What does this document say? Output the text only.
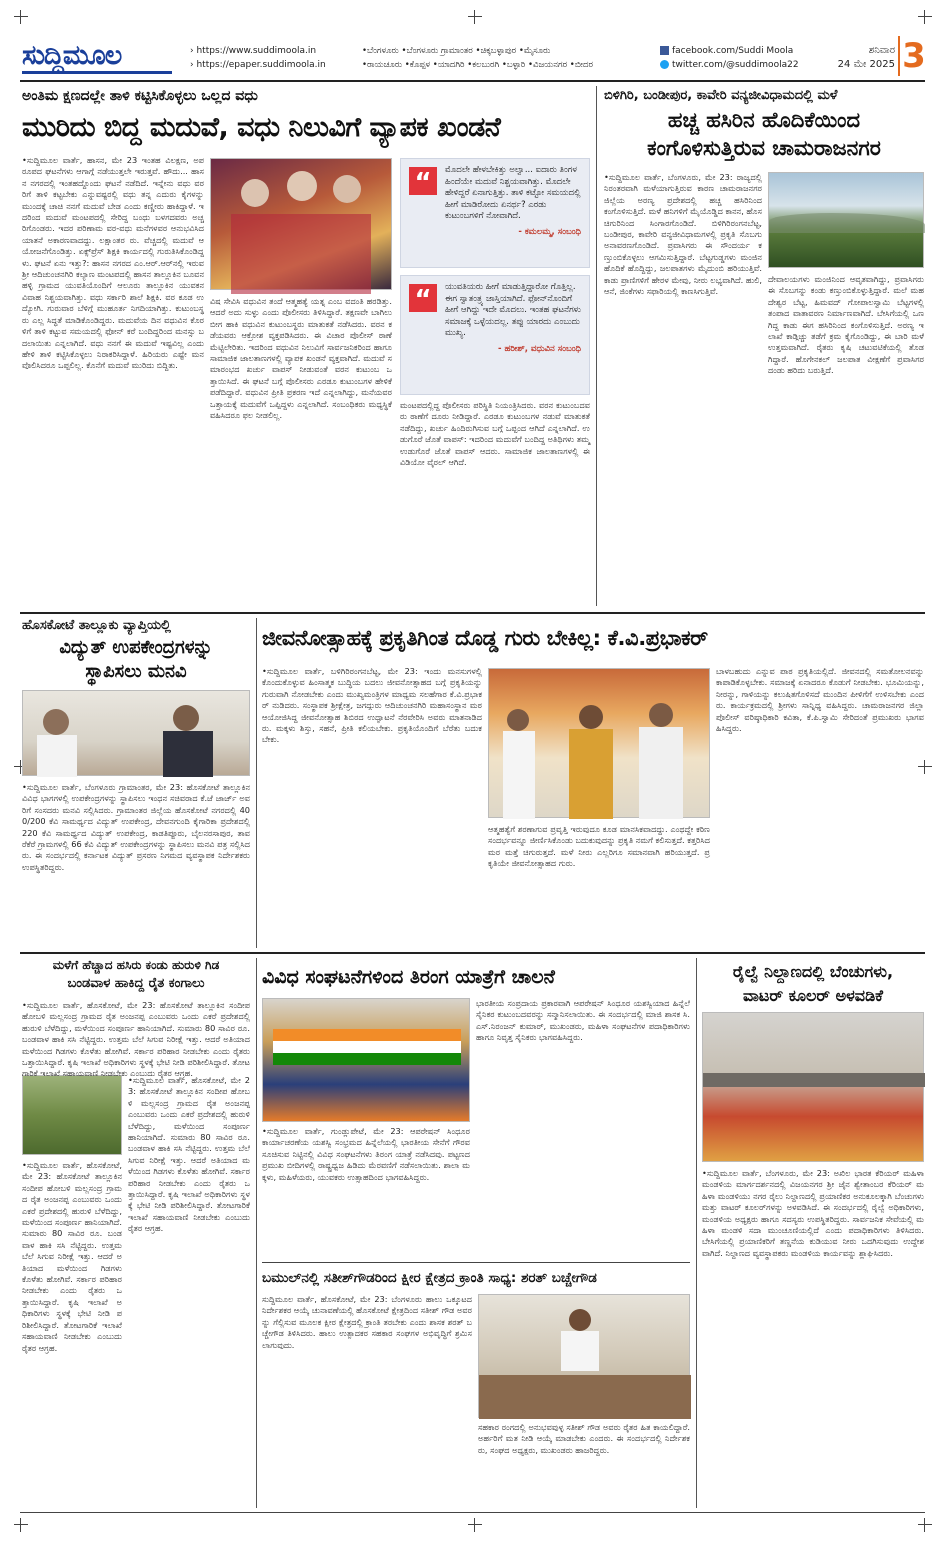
ಸುದ್ದಿಮೂಲ	› https://www.suddimoola.in
› https://epaper.suddimoola.in
•ಬೆಂಗಳೂರು •ಬೆಂಗಳೂರು ಗ್ರಾಮಾಂತರ •ಚಿಕ್ಕಬಳ್ಳಾಪುರ •ಮೈಸೂರು
•ರಾಯಚೂರು •ಕೊಪ್ಪಳ •ಯಾದಗಿರಿ •ಕಲಬುರಗಿ •ಬಳ್ಳಾರಿ •ವಿಜಯನಗರ •ಬೀದರ
facebook.com/Suddi Moola
twitter.com/@suddimoola22
ಶನಿವಾರ
24 ಮೇ 2025 3
ಅಂತಿಮ ಕ್ಷಣದಲ್ಲೇ ತಾಳಿ ಕಟ್ಟಿಸಿಕೊಳ್ಳಲು ಒಲ್ಲದ ವಧು
ಮುರಿದು ಬಿದ್ದ ಮದುವೆ, ವಧು ನಿಲುವಿಗೆ ವ್ಯಾಪಕ ಖಂಡನೆ
•ಸುದ್ದಿಮೂಲ ವಾರ್ತೆ, ಹಾಸನ, ಮೇ 23 ಇಂತಹ ವಿಲಕ್ಷಣ, ಅಪರೂಪದ ಘಟನೆಗಳು ಆಗಾಗ್ಗೆ ನಡೆಯುತ್ತಲೇ ಇರುತ್ತವೆ. ಹೌದು... ಹಾಸನ ನಗರದಲ್ಲಿ ಇಂತಹದ್ದೊಂದು ಘಟನೆ ನಡೆದಿದೆ. ಇನ್ನೇನು ವಧು ವರರಿಗೆ ತಾಳಿ ಕಟ್ಟಬೇಕು ಎನ್ನುವಷ್ಟರಲ್ಲಿ ವಧು ತನ್ನ ಎದುರು ಕೈಗಳನ್ನು ಮುಂದಕ್ಕೆ ಚಾಚಿ ನನಗೆ ಮದುವೆ ಬೇಡ ಎಂದು ಕಣ್ಣೀರು ಹಾಕಿದ್ದಾಳೆ. ಇದರಿಂದ ಮದುವೆ ಮಂಟಪದಲ್ಲಿ ಸೇರಿದ್ದ ಬಂಧು ಬಳಗದವರು ಅಚ್ಚರಿಗೊಂಡರು. ಇದರ ಪರಿಣಾಮ ವರ-ವಧು ಮನೆಗಳವರ ಆನುಭವಿಸಿದ ಯಾತನೆ ಅಕಾರಣವಾದದ್ದು. ಲಕ್ಷಾಂತರ ರು. ವೆಚ್ಚದಲ್ಲಿ ಮದುವೆ ಆಯೋಜನೆಗೊಂಡಿತ್ತು. ಏಕ್ಸ್‌ಪ್ರೆಸ್ ಶಿಕ್ಷಕಿ ಕಾರ್ಯದಲ್ಲಿ ಗುರುತಿಸಿಕೊಂಡಿದ್ದಳು. ಘಟನೆ ಏನು ಇತ್ತು?: ಹಾಸನ ನಗರದ ಎಂ.ಆರ್.ಆರ್‌ನಲ್ಲಿ ಇರುವ ಶ್ರೀ ಆದಿಚುಂಚನಗಿರಿ ಕಲ್ಯಾಣ ಮಂಟಪದಲ್ಲಿ ಹಾಸನ ತಾಲ್ಲೂಕಿನ ಬೂವನಹಳ್ಳಿ ಗ್ರಾಮದ ಯುವತಿಯೊಂದಿಗೆ ಆಲೂರು ತಾಲ್ಲೂಕಿನ ಯುವಕನ ವಿವಾಹ ನಿಶ್ಚಯವಾಗಿತ್ತು. ವಧು ಸರ್ಕಾರಿ ಶಾಲೆ ಶಿಕ್ಷಕಿ. ವರ ಕೂಡ ಉದ್ಯೋಗಿ. ಗುರುವಾರ ಬೆಳಿಗ್ಗೆ ಮುಹೂರ್ತ ನಿಗದಿಯಾಗಿತ್ತು. ಕುಟುಂಬಸ್ಥರು ಎಲ್ಲ ಸಿದ್ಧತೆ ಮಾಡಿಕೊಂಡಿದ್ದರು. ಮದುವೆಯ ದಿನ ವಧುವಿನ ಕೊರಳಿಗೆ ತಾಳಿ ಕಟ್ಟುವ ಸಮಯದಲ್ಲಿ ಫೋನ್ ಕರೆ ಬಂದಿದ್ದರಿಂದ ಮನಸ್ಸು ಬದಲಾಯಿತು ಎನ್ನಲಾಗಿದೆ. ವಧು ನನಗೆ ಈ ಮದುವೆ ಇಷ್ಟವಿಲ್ಲ ಎಂದು ಹೇಳಿ ತಾಳಿ ಕಟ್ಟಿಸಿಕೊಳ್ಳಲು ನಿರಾಕರಿಸಿದ್ದಾಳೆ. ಹಿರಿಯರು ಎಷ್ಟೇ ಮನವೊಲಿಸಿದರೂ ಒಪ್ಪಲಿಲ್ಲ. ಕೊನೆಗೆ ಮದುವೆ ಮುರಿದು ಬಿದ್ದಿತು.
ವಿಷ ಸೇವಿಸಿ ವಧುವಿನ ತಂದೆ ಆತ್ಮಹತ್ಯೆ ಯತ್ನ ಎಂಬ ವದಂತಿ ಹರಡಿತ್ತು. ಆದರೆ ಅದು ಸುಳ್ಳು ಎಂದು ಪೊಲೀಸರು ತಿಳಿಸಿದ್ದಾರೆ. ತಕ್ಷಣವೇ ಬಾಗಿಲು ಬೀಗ ಹಾಕಿ ವಧುವಿನ ಕುಟುಂಬಸ್ಥರು ಮಾತುಕತೆ ನಡೆಸಿದರು. ವರನ ಕಡೆಯವರು ಆಕ್ರೋಶ ವ್ಯಕ್ತಪಡಿಸಿದರು. ಈ ವಿಚಾರ ಪೊಲೀಸ್ ಠಾಣೆ ಮೆಟ್ಟಿಲೇರಿತು. ಇದರಿಂದ ವಧುವಿನ ನಿಲುವಿಗೆ ಸಾರ್ವಜನಿಕರಿಂದ ಹಾಗೂ ಸಾಮಾಜಿಕ ಜಾಲತಾಣಗಳಲ್ಲಿ ವ್ಯಾಪಕ ಖಂಡನೆ ವ್ಯಕ್ತವಾಗಿದೆ. ಮದುವೆ ಸಮಾರಂಭದ ಖರ್ಚು ವಾಪಸ್ ನೀಡುವಂತೆ ವರನ ಕುಟುಂಬ ಒತ್ತಾಯಿಸಿದೆ. ಈ ಘಟನೆ ಬಗ್ಗೆ ಪೊಲೀಸರು ಎರಡೂ ಕುಟುಂಬಗಳ ಹೇಳಿಕೆ ಪಡೆದಿದ್ದಾರೆ. ವಧುವಿನ ಪ್ರೀತಿ ಪ್ರಕರಣ ಇದೆ ಎನ್ನಲಾಗಿದ್ದು, ಮನೆಯವರ ಒತ್ತಾಯಕ್ಕೆ ಮದುವೆಗೆ ಒಪ್ಪಿದ್ದಳು ಎನ್ನಲಾಗಿದೆ. ಸಂಬಂಧಿಕರು ಮಧ್ಯಸ್ಥಿಕೆ ವಹಿಸಿದರೂ ಫಲ ನೀಡಲಿಲ್ಲ.
“	ಮೊದಲೇ ಹೇಳಬೇಕಿತ್ತು ಅಲ್ವಾ... ಐದಾರು ತಿಂಗಳ ಹಿಂದೆಯೇ ಮದುವೆ ನಿಶ್ಚಯವಾಗಿತ್ತು. ಮೊದಲೇ ಹೇಳಿದ್ದರೆ ಏನಾಗುತ್ತಿತ್ತು. ತಾಳಿ ಕಟ್ಟೋ ಸಮಯದಲ್ಲಿ ಹೀಗೆ ಮಾಡಿರೋದು ಏನರ್ಥ? ಎರಡು ಕುಟುಂಬಗಳಿಗೆ ನೋವಾಗಿದೆ.
- ಕಮಲಮ್ಮ, ಸಂಬಂಧಿ
“	ಯುವತಿಯರು ಹೀಗೆ ಮಾಡುತ್ತಿದ್ದಾರೋ ಗೊತ್ತಿಲ್ಲ. ಈಗ ಸ್ವಾತಂತ್ರ್ಯ ಜಾಸ್ತಿಯಾಗಿದೆ. ಫೋನ್‌ನೊಂದಿಗೆ ಹೀಗೆ ಆಗಿದ್ದು ಇದೇ ಮೊದಲು. ಇಂತಹ ಘಟನೆಗಳು ಸಮಾಜಕ್ಕೆ ಒಳ್ಳೆಯದಲ್ಲ. ತಪ್ಪು ಯಾರದು ಎಂಬುದು ಮುಖ್ಯ.
- ಹರೀಶ್, ವಧುವಿನ ಸಂಬಂಧಿ
ಮಂಟಪದಲ್ಲಿದ್ದ ಪೊಲೀಸರು ಪರಿಸ್ಥಿತಿ ನಿಯಂತ್ರಿಸಿದರು. ವರನ ಕುಟುಂಬದವರು ಠಾಣೆಗೆ ದೂರು ನೀಡಿದ್ದಾರೆ. ಎರಡೂ ಕುಟುಂಬಗಳ ನಡುವೆ ಮಾತುಕತೆ ನಡೆದಿದ್ದು, ಖರ್ಚು ಹಿಂದಿರುಗಿಸುವ ಬಗ್ಗೆ ಒಪ್ಪಂದ ಆಗಿದೆ ಎನ್ನಲಾಗಿದೆ. ಉಡುಗೊರೆ ಜೊತೆ ವಾಪಸ್: ಇದರಿಂದ ಮದುವೆಗೆ ಬಂದಿದ್ದ ಅತಿಥಿಗಳು ತಮ್ಮ ಉಡುಗೊರೆ ಜೊತೆ ವಾಪಸ್ ಆದರು. ಸಾಮಾಜಿಕ ಜಾಲತಾಣಗಳಲ್ಲಿ ಈ ವಿಡಿಯೋ ವೈರಲ್ ಆಗಿದೆ.
ಬಿಳಿಗಿರಿ, ಬಂಡೀಪುರ, ಕಾವೇರಿ ವನ್ಯಜೀವಿಧಾಮದಲ್ಲಿ ಮಳೆ
ಹಚ್ಚ ಹಸಿರಿನ ಹೊದಿಕೆಯಿಂದ
ಕಂಗೊಳಿಸುತ್ತಿರುವ ಚಾಮರಾಜನಗರ
•ಸುದ್ದಿಮೂಲ ವಾರ್ತೆ, ಬೆಂಗಳೂರು, ಮೇ 23: ರಾಜ್ಯದಲ್ಲಿ ನಿರಂತರವಾಗಿ ಮಳೆಯಾಗುತ್ತಿರುವ ಕಾರಣ ಚಾಮರಾಜನಗರ ಜಿಲ್ಲೆಯ ಅರಣ್ಯ ಪ್ರದೇಶದಲ್ಲಿ ಹಚ್ಚ ಹಸಿರಿನಿಂದ ಕಂಗೊಳಿಸುತ್ತಿದೆ. ಮಳೆ ಹನಿಗಳಿಗೆ ಮೈಯೊಡ್ಡಿದ ಕಾನನ, ಹೊಸ ಚಿಗುರಿನಿಂದ ಸಿಂಗಾರಗೊಂಡಿದೆ. ಬಿಳಿಗಿರಿರಂಗನಬೆಟ್ಟ, ಬಂಡೀಪುರ, ಕಾವೇರಿ ವನ್ಯಜೀವಿಧಾಮಗಳಲ್ಲಿ ಪ್ರಕೃತಿ ಸೊಬಗು ಅನಾವರಣಗೊಂಡಿದೆ. ಪ್ರವಾಸಿಗರು ಈ ಸೌಂದರ್ಯ ಕಣ್ತುಂಬಿಕೊಳ್ಳಲು ಆಗಮಿಸುತ್ತಿದ್ದಾರೆ. ಬೆಟ್ಟಗುಡ್ಡಗಳು ಮಂಜಿನ ಹೊದಿಕೆ ಹೊದ್ದಿದ್ದು, ಜಲಪಾತಗಳು ಮೈದುಂಬಿ ಹರಿಯುತ್ತಿವೆ. ಕಾಡು ಪ್ರಾಣಿಗಳಿಗೆ ಹೇರಳ ಮೇವು, ನೀರು ಲಭ್ಯವಾಗಿದೆ. ಹುಲಿ, ಆನೆ, ಜಿಂಕೆಗಳು ಸಫಾರಿಯಲ್ಲಿ ಕಾಣಸಿಗುತ್ತಿವೆ.
ದೇವಾಲಯಗಳು ಮಂಜಿನಿಂದ ಆವೃತವಾಗಿದ್ದು, ಪ್ರವಾಸಿಗರು ಈ ಸೊಬಗನ್ನು ಕಂಡು ಕಣ್ತುಂಬಿಕೊಳ್ಳುತ್ತಿದ್ದಾರೆ. ಮಲೆ ಮಹದೇಶ್ವರ ಬೆಟ್ಟ, ಹಿಮವದ್ ಗೋಪಾಲಸ್ವಾಮಿ ಬೆಟ್ಟಗಳಲ್ಲಿ ತಂಪಾದ ವಾತಾವರಣ ನಿರ್ಮಾಣವಾಗಿದೆ. ಬೇಸಿಗೆಯಲ್ಲಿ ಒಣಗಿದ್ದ ಕಾಡು ಈಗ ಹಸಿರಿನಿಂದ ಕಂಗೊಳಿಸುತ್ತಿದೆ. ಅರಣ್ಯ ಇಲಾಖೆ ಕಾಡ್ಗಿಚ್ಚು ತಡೆಗೆ ಕ್ರಮ ಕೈಗೊಂಡಿದ್ದು, ಈ ಬಾರಿ ಮಳೆ ಉತ್ತಮವಾಗಿದೆ. ರೈತರು ಕೃಷಿ ಚಟುವಟಿಕೆಯಲ್ಲಿ ತೊಡಗಿದ್ದಾರೆ. ಹೊಗೇನಕಲ್ ಜಲಪಾತ ವೀಕ್ಷಣೆಗೆ ಪ್ರವಾಸಿಗರ ದಂಡು ಹರಿದು ಬರುತ್ತಿದೆ.
ಹೊಸಕೋಟೆ ತಾಲ್ಲೂಕು ವ್ಯಾಪ್ತಿಯಲ್ಲಿ
ವಿದ್ಯುತ್ ಉಪಕೇಂದ್ರಗಳನ್ನು
ಸ್ಥಾಪಿಸಲು ಮನವಿ
•ಸುದ್ದಿಮೂಲ ವಾರ್ತೆ, ಬೆಂಗಳೂರು ಗ್ರಾಮಾಂತರ, ಮೇ 23: ಹೊಸಕೋಟೆ ತಾಲ್ಲೂಕಿನ ವಿವಿಧ ಭಾಗಗಳಲ್ಲಿ ಉಪಕೇಂದ್ರಗಳನ್ನು ಸ್ಥಾಪಿಸಲು ಇಂಧನ ಸಚಿವರಾದ ಕೆ.ಜೆ ಜಾರ್ಜ್ ಅವರಿಗೆ ಸಂಸದರು ಮನವಿ ಸಲ್ಲಿಸಿದರು. ಗ್ರಾಮಾಂತರ ಜಿಲ್ಲೆಯ ಹೊಸಕೋಟೆ ನಗರದಲ್ಲಿ 400/200 ಕೆವಿ ಸಾಮರ್ಥ್ಯದ ವಿದ್ಯುತ್ ಉಪಕೇಂದ್ರ, ದೇವನಗುಂದಿ ಕೈಗಾರಿಕಾ ಪ್ರದೇಶದಲ್ಲಿ 220 ಕೆವಿ ಸಾಮರ್ಥ್ಯದ ವಿದ್ಯುತ್ ಉಪಕೇಂದ್ರ, ಕಾಡತಿಪ್ಪೂರು, ಬೈಲನರಸಾಪುರ, ತಾವರೆಕೆರೆ ಗ್ರಾಮಗಳಲ್ಲಿ 66 ಕೆವಿ ವಿದ್ಯುತ್ ಉಪಕೇಂದ್ರಗಳನ್ನು ಸ್ಥಾಪಿಸಲು ಮನವಿ ಪತ್ರ ಸಲ್ಲಿಸಿದರು. ಈ ಸಂದರ್ಭದಲ್ಲಿ ಕರ್ನಾಟಕ ವಿದ್ಯುತ್ ಪ್ರಸರಣ ನಿಗಮದ ವ್ಯವಸ್ಥಾಪಕ ನಿರ್ದೇಶಕರು ಉಪಸ್ಥಿತರಿದ್ದರು.
ಜೀವನೋತ್ಸಾಹಕ್ಕೆ ಪ್ರಕೃತಿಗಿಂತ ದೊಡ್ಡ ಗುರು ಬೇಕಿಲ್ಲ: ಕೆ.ವಿ.ಪ್ರಭಾಕರ್
•ಸುದ್ದಿಮೂಲ ವಾರ್ತೆ, ಬಳಿಗಿರಿರಂಗನಬೆಟ್ಟ, ಮೇ 23: ಇಂದು ಮನಸುಗಳಲ್ಲಿ ಕೊಂದುಕೊಳ್ಳುವ ಹಿಂಸಾತ್ಮಕ ಬುದ್ಧಿಯ ಬದಲು ಜೀವನೋತ್ಸಾಹದ ಬಗ್ಗೆ ಪ್ರಕೃತಿಯನ್ನು ಗುರುವಾಗಿ ನೋಡಬೇಕು ಎಂದು ಮುಖ್ಯಮಂತ್ರಿಗಳ ಮಾಧ್ಯಮ ಸಲಹೆಗಾರ ಕೆ.ವಿ.ಪ್ರಭಾಕರ್ ನುಡಿದರು. ಸಂಸ್ಥಾಪಕ ಶ್ರೀಕ್ಷೇತ್ರ, ಜಗದ್ಗುರು ಆದಿಚುಂಚನಗಿರಿ ಮಹಾಸಂಸ್ಥಾನ ಮಠ ಆಯೋಜಿಸಿದ್ದ ಜೀವನೋತ್ಸಾಹ ಶಿಬಿರದ ಉದ್ಘಾಟನೆ ನೆರವೇರಿಸಿ ಅವರು ಮಾತನಾಡಿದರು. ಮಕ್ಕಳು ಶಿಸ್ತು, ಸಹನೆ, ಪ್ರೀತಿ ಕಲಿಯಬೇಕು. ಪ್ರಕೃತಿಯೊಂದಿಗೆ ಬೆರೆತು ಬದುಕಬೇಕು.
ಆತ್ಮಹತ್ಯೆಗೆ ಶರಣಾಗುವ ಪ್ರವೃತ್ತಿ ಇರುವುದೂ ಕೂಡ ಮಾನಸಿಕವಾದದ್ದು. ಎಂಥದ್ದೇ ಕಠಿಣ ಸಂದರ್ಭವನ್ನೂ ಜೀರ್ಣಿಸಿಕೊಂಡು ಬದುಕುವುದನ್ನು ಪ್ರಕೃತಿ ನಮಗೆ ಕಲಿಸುತ್ತದೆ. ಕತ್ತರಿಸಿದ ಮರ ಮತ್ತೆ ಚಿಗುರುತ್ತದೆ. ಮಳೆ ನೀರು ಎಲ್ಲರಿಗೂ ಸಮಾನವಾಗಿ ಹರಿಯುತ್ತದೆ. ಪ್ರಕೃತಿಯೇ ಜೀವನೋತ್ಸಾಹದ ಗುರು.
ಬಾಳಬಹುದು ಎನ್ನುವ ಪಾಠ ಪ್ರಕೃತಿಯಲ್ಲಿದೆ. ಜೀವನದಲ್ಲಿ ಸಮತೋಲನವನ್ನು ಕಾಪಾಡಿಕೊಳ್ಳಬೇಕು. ಸಮಾಜಕ್ಕೆ ಏನಾದರೂ ಕೊಡುಗೆ ನೀಡಬೇಕು. ಭೂಮಿಯನ್ನು, ನೀರನ್ನು, ಗಾಳಿಯನ್ನು ಕಲುಷಿತಗೊಳಿಸದೆ ಮುಂದಿನ ಪೀಳಿಗೆಗೆ ಉಳಿಸಬೇಕು ಎಂದರು. ಕಾರ್ಯಕ್ರಮದಲ್ಲಿ ಶ್ರೀಗಳು ಸಾನ್ನಿಧ್ಯ ವಹಿಸಿದ್ದರು. ಚಾಮರಾಜನಗರ ಜಿಲ್ಲಾ ಪೊಲೀಸ್ ವರಿಷ್ಠಾಧಿಕಾರಿ ಕವಿತಾ, ಕೆ.ಪಿ.ಸ್ವಾಮಿ ಸೇರಿದಂತೆ ಪ್ರಮುಖರು ಭಾಗವಹಿಸಿದ್ದರು.
ಮಳೆಗೆ ಹೆಚ್ಚಾದ ಹಸಿರು ಕಂಡು ಹುರುಳಿ ಗಿಡ
ಬಂಡವಾಳ ಹಾಕಿದ್ದ ರೈತ ಕಂಗಾಲು
•ಸುದ್ದಿಮೂಲ ವಾರ್ತೆ, ಹೊಸಕೋಟೆ, ಮೇ 23: ಹೊಸಕೋಟೆ ತಾಲ್ಲೂಕಿನ ಸಂದೀಪ ಹೋಬಳಿ ಮಲ್ಲಸಂದ್ರ ಗ್ರಾಮದ ರೈತ ಅಂಜನಪ್ಪ ಎಂಬುವರು ಒಂದು ಎಕರೆ ಪ್ರದೇಶದಲ್ಲಿ ಹುರುಳಿ ಬೆಳೆದಿದ್ದು, ಮಳೆಯಿಂದ ಸಂಪೂರ್ಣ ಹಾನಿಯಾಗಿದೆ. ಸುಮಾರು 80 ಸಾವಿರ ರೂ. ಬಂಡವಾಳ ಹಾಕಿ ಸಸಿ ನೆಟ್ಟಿದ್ದರು. ಉತ್ತಮ ಬೆಲೆ ಸಿಗುವ ನಿರೀಕ್ಷೆ ಇತ್ತು. ಆದರೆ ಅತಿಯಾದ ಮಳೆಯಿಂದ ಗಿಡಗಳು ಕೊಳೆತು ಹೋಗಿವೆ. ಸರ್ಕಾರ ಪರಿಹಾರ ನೀಡಬೇಕು ಎಂದು ರೈತರು ಒತ್ತಾಯಿಸಿದ್ದಾರೆ. ಕೃಷಿ ಇಲಾಖೆ ಅಧಿಕಾರಿಗಳು ಸ್ಥಳಕ್ಕೆ ಭೇಟಿ ನೀಡಿ ಪರಿಶೀಲಿಸಿದ್ದಾರೆ. ತೋಟಗಾರಿಕೆ ಇಲಾಖೆ ಸಹಾಯವಾಣಿ ನೀಡಬೇಕು ಎಂಬುದು ರೈತರ ಆಗ್ರಹ.
•ಸುದ್ದಿಮೂಲ ವಾರ್ತೆ, ಹೊಸಕೋಟೆ, ಮೇ 23: ಹೊಸಕೋಟೆ ತಾಲ್ಲೂಕಿನ ಸಂದೀಪ ಹೋಬಳಿ ಮಲ್ಲಸಂದ್ರ ಗ್ರಾಮದ ರೈತ ಅಂಜನಪ್ಪ ಎಂಬುವರು ಒಂದು ಎಕರೆ ಪ್ರದೇಶದಲ್ಲಿ ಹುರುಳಿ ಬೆಳೆದಿದ್ದು, ಮಳೆಯಿಂದ ಸಂಪೂರ್ಣ ಹಾನಿಯಾಗಿದೆ. ಸುಮಾರು 80 ಸಾವಿರ ರೂ. ಬಂಡವಾಳ ಹಾಕಿ ಸಸಿ ನೆಟ್ಟಿದ್ದರು. ಉತ್ತಮ ಬೆಲೆ ಸಿಗುವ ನಿರೀಕ್ಷೆ ಇತ್ತು. ಆದರೆ ಅತಿಯಾದ ಮಳೆಯಿಂದ ಗಿಡಗಳು ಕೊಳೆತು ಹೋಗಿವೆ. ಸರ್ಕಾರ ಪರಿಹಾರ ನೀಡಬೇಕು ಎಂದು ರೈತರು ಒತ್ತಾಯಿಸಿದ್ದಾರೆ. ಕೃಷಿ ಇಲಾಖೆ ಅಧಿಕಾರಿಗಳು ಸ್ಥಳಕ್ಕೆ ಭೇಟಿ ನೀಡಿ ಪರಿಶೀಲಿಸಿದ್ದಾರೆ. ತೋಟಗಾರಿಕೆ ಇಲಾಖೆ ಸಹಾಯವಾಣಿ ನೀಡಬೇಕು ಎಂಬುದು ರೈತರ ಆಗ್ರಹ.
•ಸುದ್ದಿಮೂಲ ವಾರ್ತೆ, ಹೊಸಕೋಟೆ, ಮೇ 23: ಹೊಸಕೋಟೆ ತಾಲ್ಲೂಕಿನ ಸಂದೀಪ ಹೋಬಳಿ ಮಲ್ಲಸಂದ್ರ ಗ್ರಾಮದ ರೈತ ಅಂಜನಪ್ಪ ಎಂಬುವರು ಒಂದು ಎಕರೆ ಪ್ರದೇಶದಲ್ಲಿ ಹುರುಳಿ ಬೆಳೆದಿದ್ದು, ಮಳೆಯಿಂದ ಸಂಪೂರ್ಣ ಹಾನಿಯಾಗಿದೆ. ಸುಮಾರು 80 ಸಾವಿರ ರೂ. ಬಂಡವಾಳ ಹಾಕಿ ಸಸಿ ನೆಟ್ಟಿದ್ದರು. ಉತ್ತಮ ಬೆಲೆ ಸಿಗುವ ನಿರೀಕ್ಷೆ ಇತ್ತು. ಆದರೆ ಅತಿಯಾದ ಮಳೆಯಿಂದ ಗಿಡಗಳು ಕೊಳೆತು ಹೋಗಿವೆ. ಸರ್ಕಾರ ಪರಿಹಾರ ನೀಡಬೇಕು ಎಂದು ರೈತರು ಒತ್ತಾಯಿಸಿದ್ದಾರೆ. ಕೃಷಿ ಇಲಾಖೆ ಅಧಿಕಾರಿಗಳು ಸ್ಥಳಕ್ಕೆ ಭೇಟಿ ನೀಡಿ ಪರಿಶೀಲಿಸಿದ್ದಾರೆ. ತೋಟಗಾರಿಕೆ ಇಲಾಖೆ ಸಹಾಯವಾಣಿ ನೀಡಬೇಕು ಎಂಬುದು ರೈತರ ಆಗ್ರಹ.
ವಿವಿಧ ಸಂಘಟನೆಗಳಿಂದ ತಿರಂಗ ಯಾತ್ರೆಗೆ ಚಾಲನೆ
•ಸುದ್ದಿಮೂಲ ವಾರ್ತೆ, ಗುಂಡ್ಲುಪೇಟೆ, ಮೇ 23: ಆಪರೇಷನ್ ಸಿಂಧೂರ ಕಾರ್ಯಾಚರಣೆಯ ಯಶಸ್ವಿ ಸಂಭ್ರಮದ ಹಿನ್ನೆಲೆಯಲ್ಲಿ ಭಾರತೀಯ ಸೇನೆಗೆ ಗೌರವ ಸೂಚಿಸುವ ನಿಟ್ಟಿನಲ್ಲಿ ವಿವಿಧ ಸಂಘಟನೆಗಳು ತಿರಂಗ ಯಾತ್ರೆ ನಡೆಸಿದವು. ಪಟ್ಟಣದ ಪ್ರಮುಖ ಬೀದಿಗಳಲ್ಲಿ ರಾಷ್ಟ್ರಧ್ವಜ ಹಿಡಿದು ಮೆರವಣಿಗೆ ನಡೆಸಲಾಯಿತು. ಶಾಲಾ ಮಕ್ಕಳು, ಮಹಿಳೆಯರು, ಯುವಕರು ಉತ್ಸಾಹದಿಂದ ಭಾಗವಹಿಸಿದ್ದರು.
ಭಾರತೀಯ ಸಂಪ್ರದಾಯ ಪ್ರಕಾರವಾಗಿ ಆಪರೇಷನ್ ಸಿಂಧೂರ ಯಶಸ್ವಿಯಾದ ಹಿನ್ನೆಲೆ ಸೈನಿಕರ ಕುಟುಂಬದವರನ್ನು ಸನ್ಮಾನಿಸಲಾಯಿತು. ಈ ಸಂದರ್ಭದಲ್ಲಿ ಮಾಜಿ ಶಾಸಕ ಸಿ.ಎಸ್.ನಿರಂಜನ್ ಕುಮಾರ್, ಮುಖಂಡರು, ಮಹಿಳಾ ಸಂಘಟನೆಗಳ ಪದಾಧಿಕಾರಿಗಳು ಹಾಗೂ ನಿವೃತ್ತ ಸೈನಿಕರು ಭಾಗವಹಿಸಿದ್ದರು.
ಬಮುಲ್‌ನಲ್ಲಿ ಸತೀಶ್‌ಗೌಡರಿಂದ ಕ್ಷೀರ ಕ್ಷೇತ್ರದ ಕ್ರಾಂತಿ ಸಾಧ್ಯ: ಶರತ್ ಬಚ್ಚೇಗೌಡ
ಸುದ್ದಿಮೂಲ ವಾರ್ತೆ, ಹೊಸಕೋಟೆ, ಮೇ 23: ಬೆಂಗಳೂರು ಹಾಲು ಒಕ್ಕೂಟದ ನಿರ್ದೇಶಕರ ಆಯ್ಕೆ ಚುನಾವಣೆಯಲ್ಲಿ ಹೊಸಕೋಟೆ ಕ್ಷೇತ್ರದಿಂದ ಸತೀಶ್ ಗೌಡ ಅವರನ್ನು ಗೆಲ್ಲಿಸುವ ಮೂಲಕ ಕ್ಷೀರ ಕ್ಷೇತ್ರದಲ್ಲಿ ಕ್ರಾಂತಿ ತರಬೇಕು ಎಂದು ಶಾಸಕ ಶರತ್ ಬಚ್ಚೇಗೌಡ ತಿಳಿಸಿದರು. ಹಾಲು ಉತ್ಪಾದಕರ ಸಹಕಾರ ಸಂಘಗಳ ಅಭಿವೃದ್ಧಿಗೆ ಶ್ರಮಿಸಲಾಗುವುದು.
ಸಹಕಾರ ರಂಗದಲ್ಲಿ ಅನುಭವವುಳ್ಳ ಸತೀಶ್ ಗೌಡ ಅವರು ರೈತರ ಹಿತ ಕಾಯಲಿದ್ದಾರೆ. ಅರ್ಹರಿಗೆ ಮತ ನೀಡಿ ಆಯ್ಕೆ ಮಾಡಬೇಕು ಎಂದರು. ಈ ಸಂದರ್ಭದಲ್ಲಿ ನಿರ್ದೇಶಕರು, ಸಂಘದ ಅಧ್ಯಕ್ಷರು, ಮುಖಂಡರು ಹಾಜರಿದ್ದರು.
ರೈಲ್ವೆ ನಿಲ್ದಾಣದಲ್ಲಿ ಬೆಂಚುಗಳು,
ವಾಟರ್ ಕೂಲರ್ ಅಳವಡಿಕೆ
•ಸುದ್ದಿಮೂಲ ವಾರ್ತೆ, ಬೆಂಗಳೂರು, ಮೇ 23: ಅಖಿಲ ಭಾರತ ಕೆರಿಯರ್ ಮಹಿಳಾ ಮಂಡಳಿಯ ಮಾರ್ಗದರ್ಶನದಲ್ಲಿ ವಿಜಯನಗರ ಶ್ರೀ ಜೈನ ಶ್ವೇತಾಂಬರ ಕೆರಿಯರ್ ಮಹಿಳಾ ಮಂಡಳಿಯು ನಗರ ರೈಲು ನಿಲ್ದಾಣದಲ್ಲಿ ಪ್ರಯಾಣಿಕರ ಅನುಕೂಲಕ್ಕಾಗಿ ಬೆಂಚುಗಳು ಮತ್ತು ವಾಟರ್ ಕೂಲರ್‌ಗಳನ್ನು ಅಳವಡಿಸಿದೆ. ಈ ಸಂದರ್ಭದಲ್ಲಿ ರೈಲ್ವೆ ಅಧಿಕಾರಿಗಳು, ಮಂಡಳಿಯ ಅಧ್ಯಕ್ಷರು ಹಾಗೂ ಸದಸ್ಯರು ಉಪಸ್ಥಿತರಿದ್ದರು. ಸಾರ್ವಜನಿಕ ಸೇವೆಯಲ್ಲಿ ಮಹಿಳಾ ಮಂಡಳಿ ಸದಾ ಮುಂಚೂಣಿಯಲ್ಲಿದೆ ಎಂದು ಪದಾಧಿಕಾರಿಗಳು ತಿಳಿಸಿದರು. ಬೇಸಿಗೆಯಲ್ಲಿ ಪ್ರಯಾಣಿಕರಿಗೆ ತಣ್ಣನೆಯ ಕುಡಿಯುವ ನೀರು ಒದಗಿಸುವುದು ಉದ್ದೇಶವಾಗಿದೆ. ನಿಲ್ದಾಣದ ವ್ಯವಸ್ಥಾಪಕರು ಮಂಡಳಿಯ ಕಾರ್ಯವನ್ನು ಶ್ಲಾಘಿಸಿದರು.
